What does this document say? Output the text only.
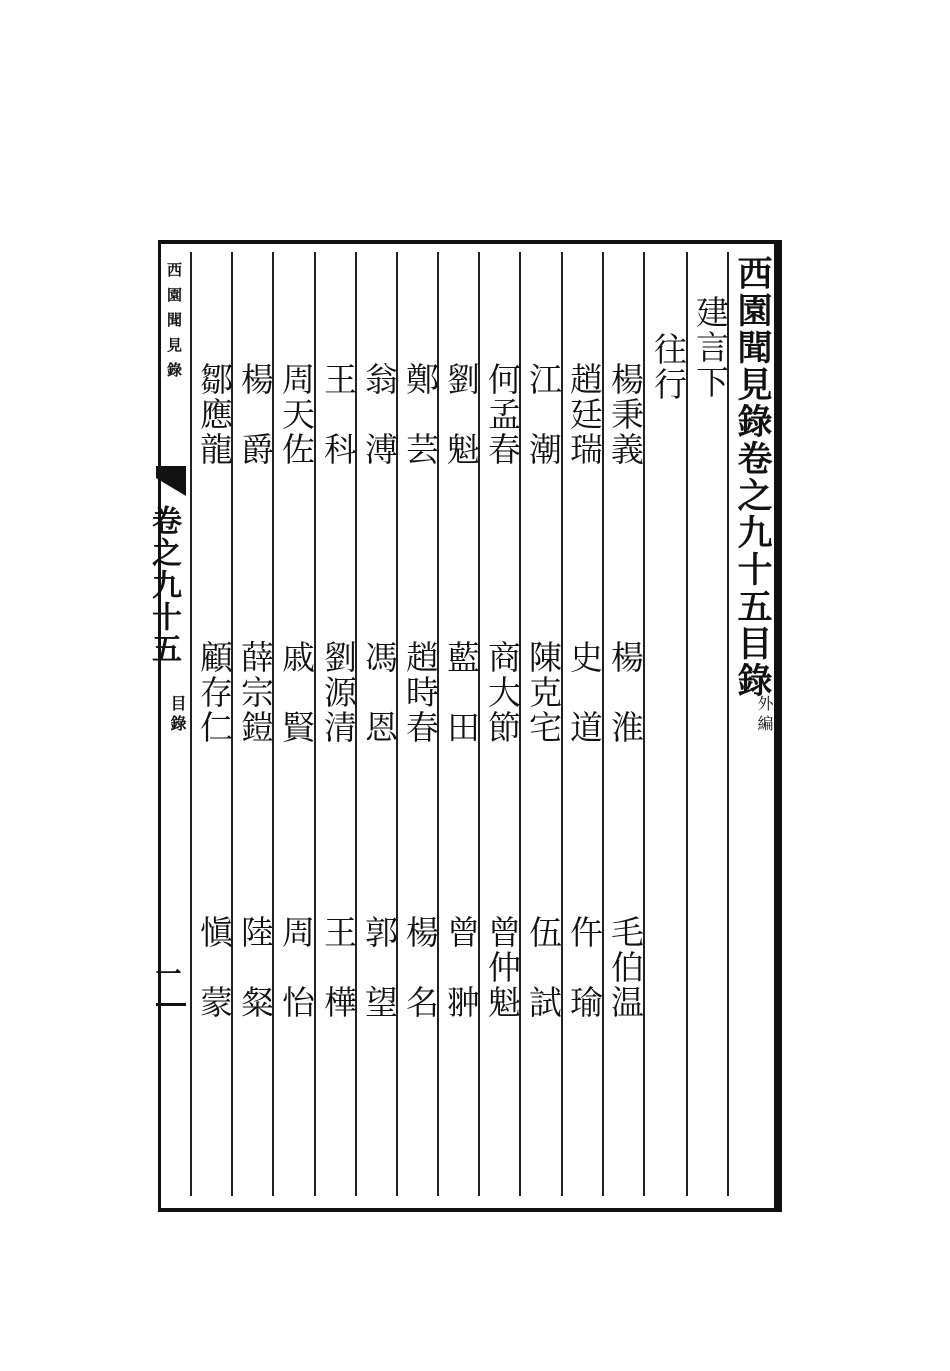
西園聞見錄卷之九十五目錄
外編
建言下
往行
楊秉義
楊　淮
毛伯温
趙廷瑞
史　道
仵　瑜
江　潮
陳克宅
伍　試
何孟春
商大節
曾仲魁
劉　魁
藍　田
曾　翀
鄭　芸
趙時春
楊　名
翁　溥
馮　恩
郭　望
王　科
劉源清
王　樺
周天佐
戚　賢
周　怡
楊　爵
薛宗鎧
陸　粲
鄒應龍
顧存仁
愼　蒙
西園聞見錄
卷之九十五
目錄
一
